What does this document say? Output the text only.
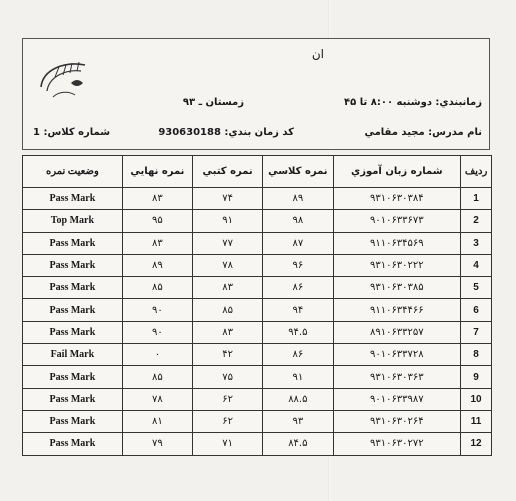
ان
زمانبندي: دوشنبه ۸:۰۰ تا ۴۵
زمستان ـ ۹۳
نام مدرس: مجيد مقامي
کد زمان بندي: 930630188
شماره کلاس: 1
رديف	شماره زبان آموزي	نمره کلاسي	نمره کتبي	نمره نهايي	وضعيت نمره
1	۹۳۱۰۶۳۰۳۸۴	۸۹	۷۴	۸۳	Pass Mark
2	۹۰۱۰۶۳۳۶۷۳	۹۸	۹۱	۹۵	Top Mark
3	۹۱۱۰۶۳۴۵۶۹	۸۷	۷۷	۸۳	Pass Mark
4	۹۳۱۰۶۳۰۲۲۲	۹۶	۷۸	۸۹	Pass Mark
5	۹۳۱۰۶۳۰۳۸۵	۸۶	۸۳	۸۵	Pass Mark
6	۹۱۱۰۶۳۴۴۶۶	۹۴	۸۵	۹۰	Pass Mark
7	۸۹۱۰۶۳۳۲۵۷	۹۴.۵	۸۳	۹۰	Pass Mark
8	۹۰۱۰۶۳۳۷۲۸	۸۶	۴۲	۰	Fail Mark
9	۹۳۱۰۶۳۰۳۶۳	۹۱	۷۵	۸۵	Pass Mark
10	۹۰۱۰۶۳۳۹۸۷	۸۸.۵	۶۲	۷۸	Pass Mark
11	۹۳۱۰۶۳۰۲۶۴	۹۳	۶۲	۸۱	Pass Mark
12	۹۳۱۰۶۳۰۲۷۲	۸۴.۵	۷۱	۷۹	Pass Mark
